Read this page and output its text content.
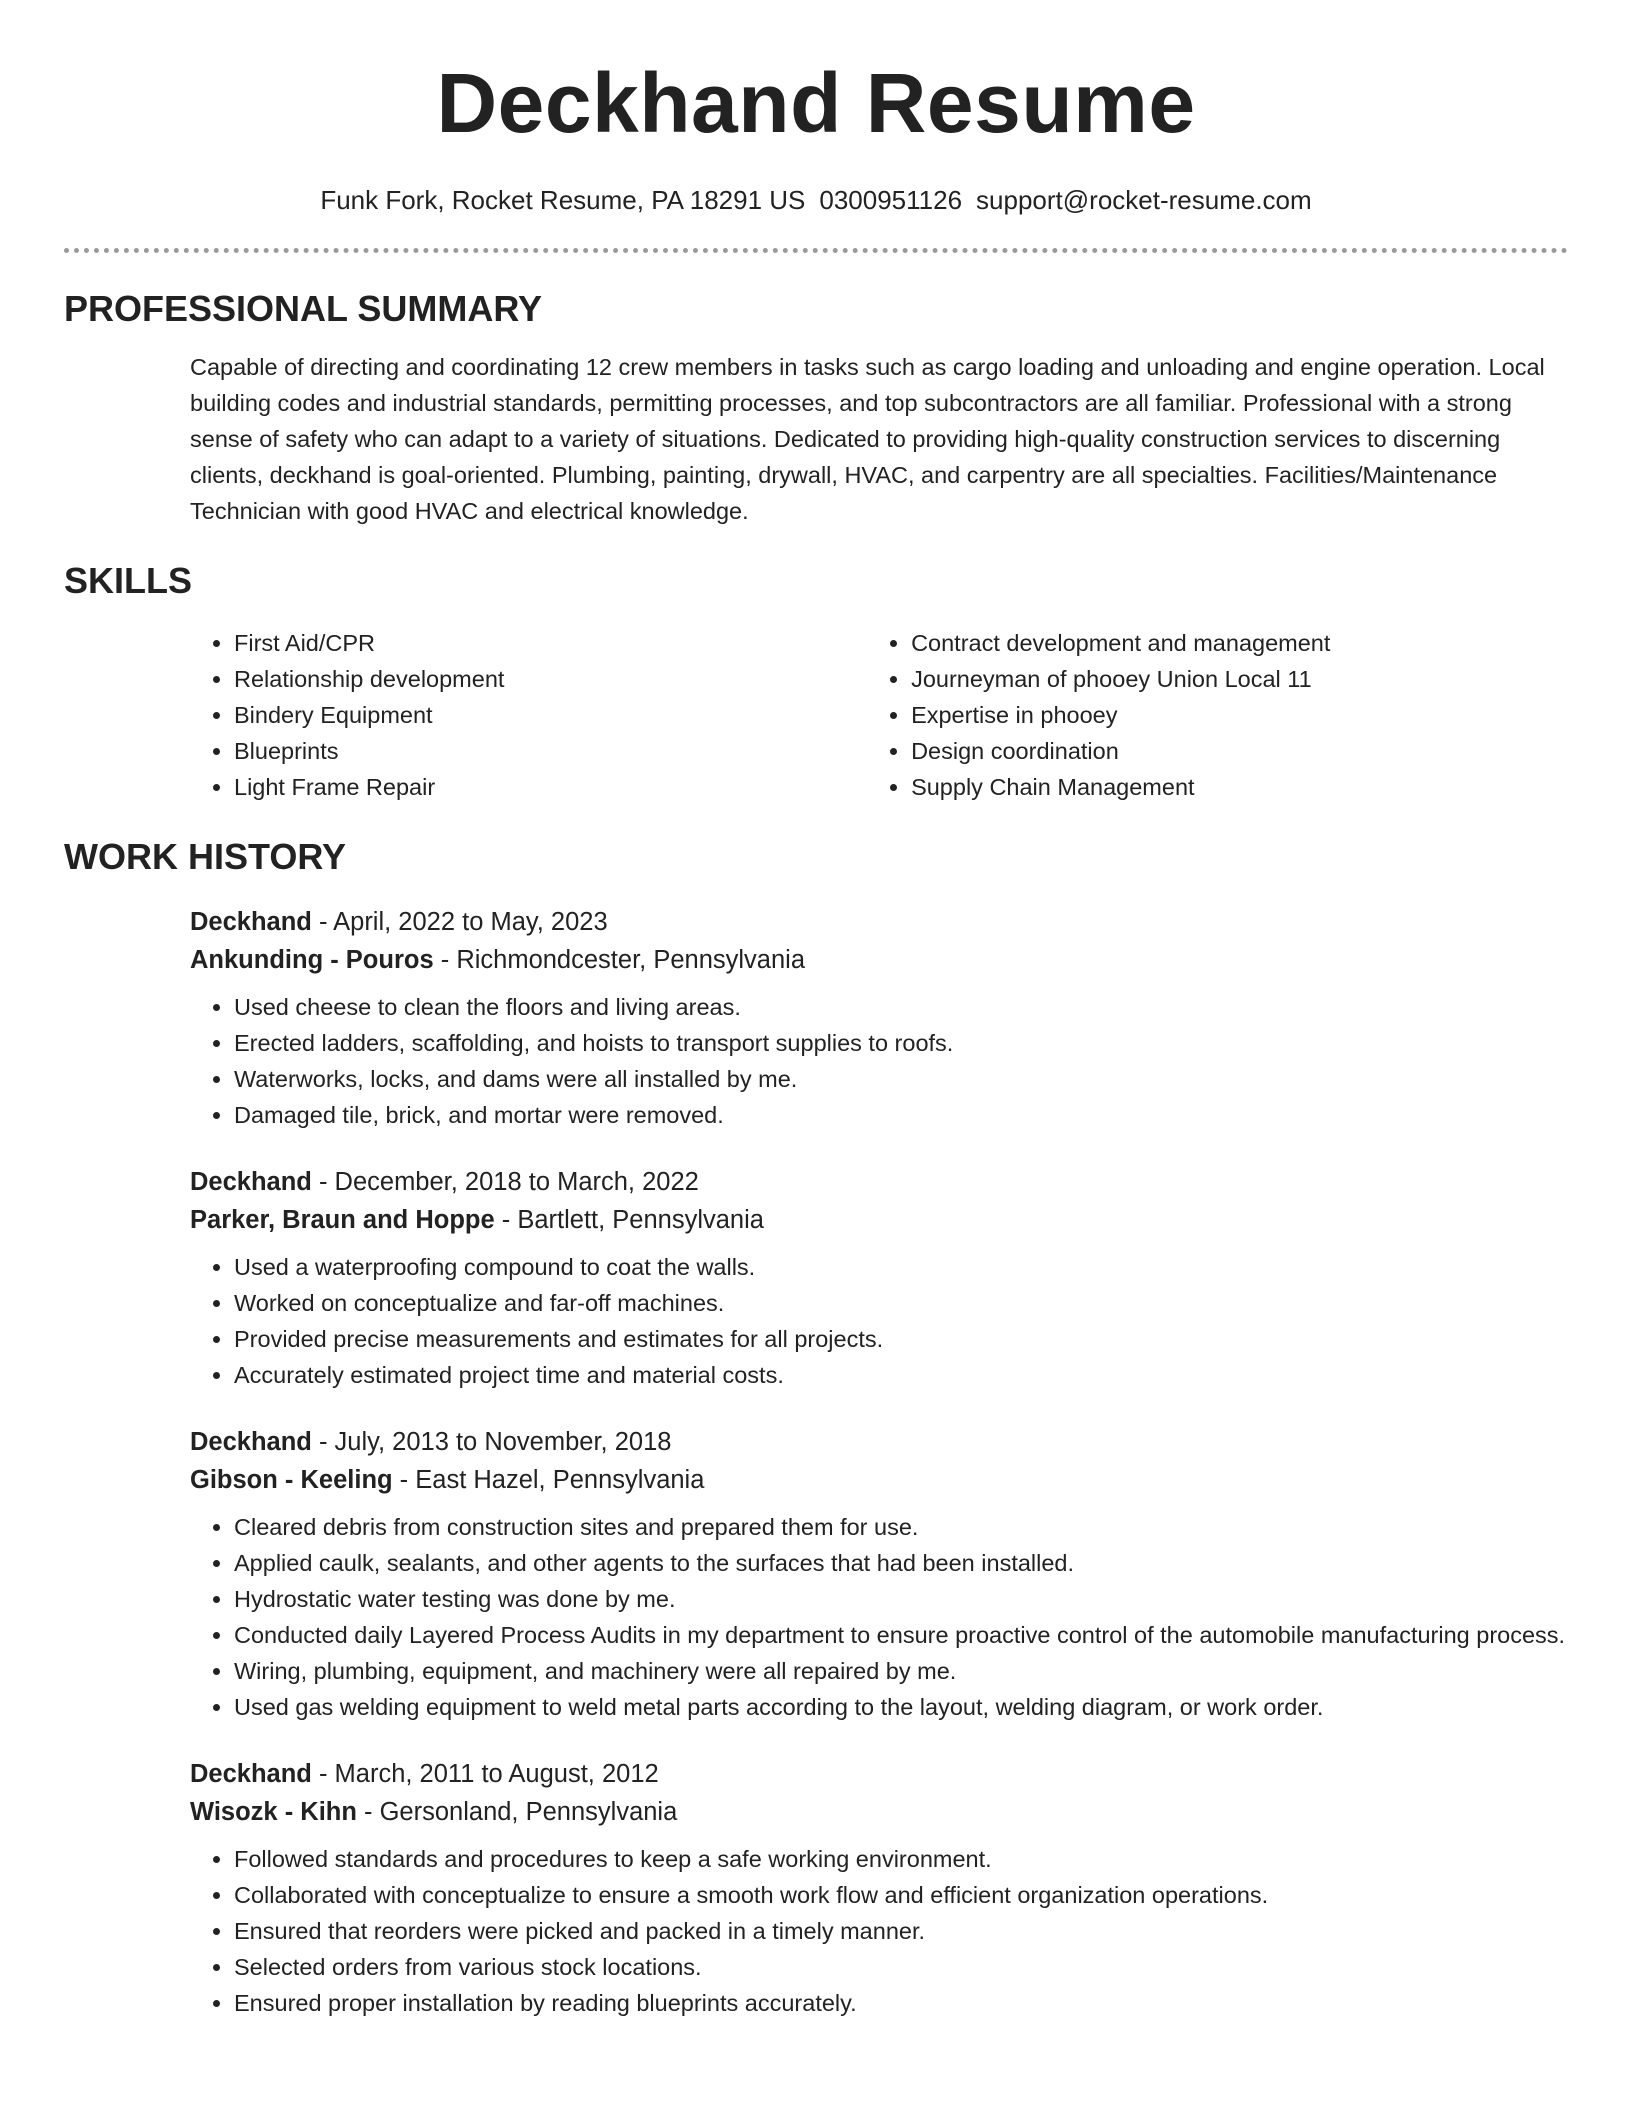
Deckhand Resume
Funk Fork, Rocket Resume, PA 18291 US 0300951126 support@rocket-resume.com
PROFESSIONAL SUMMARY

Capable of directing and coordinating 12 crew members in tasks such as cargo loading and unloading and engine operation. Local building codes and industrial standards, permitting processes, and top subcontractors are all familiar. Professional with a strong sense of safety who can adapt to a variety of situations. Dedicated to providing high-quality construction services to discerning clients, deckhand is goal-oriented. Plumbing, painting, drywall, HVAC, and carpentry are all specialties. Facilities/Maintenance Technician with good HVAC and electrical knowledge.

SKILLS
• First Aid/CPR
• Relationship development
• Bindery Equipment
• Blueprints
• Light Frame Repair
• Contract development and management
• Journeyman of phooey Union Local 11
• Expertise in phooey
• Design coordination
• Supply Chain Management
WORK HISTORY
Deckhand - April, 2022 to May, 2023
Ankunding - Pouros - Richmondcester, Pennsylvania
• Used cheese to clean the floors and living areas.
• Erected ladders, scaffolding, and hoists to transport supplies to roofs.
• Waterworks, locks, and dams were all installed by me.
• Damaged tile, brick, and mortar were removed.
Deckhand - December, 2018 to March, 2022
Parker, Braun and Hoppe - Bartlett, Pennsylvania
• Used a waterproofing compound to coat the walls.
• Worked on conceptualize and far-off machines.
• Provided precise measurements and estimates for all projects.
• Accurately estimated project time and material costs.
Deckhand - July, 2013 to November, 2018
Gibson - Keeling - East Hazel, Pennsylvania
• Cleared debris from construction sites and prepared them for use.
• Applied caulk, sealants, and other agents to the surfaces that had been installed.
• Hydrostatic water testing was done by me.
• Conducted daily Layered Process Audits in my department to ensure proactive control of the automobile manufacturing process.
• Wiring, plumbing, equipment, and machinery were all repaired by me.
• Used gas welding equipment to weld metal parts according to the layout, welding diagram, or work order.
Deckhand - March, 2011 to August, 2012
Wisozk - Kihn - Gersonland, Pennsylvania
• Followed standards and procedures to keep a safe working environment.
• Collaborated with conceptualize to ensure a smooth work flow and efficient organization operations.
• Ensured that reorders were picked and packed in a timely manner.
• Selected orders from various stock locations.
• Ensured proper installation by reading blueprints accurately.
